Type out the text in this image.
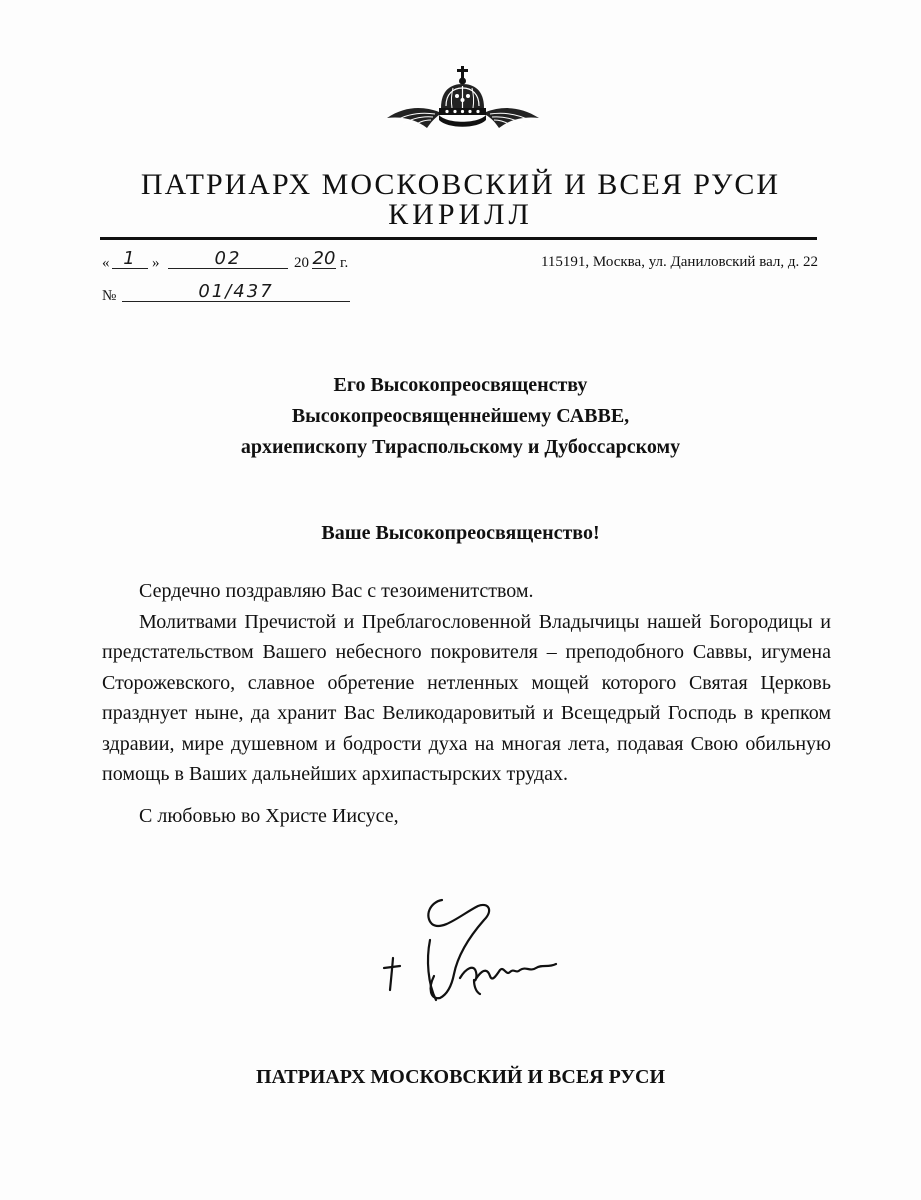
ПАТРИАРХ МОСКОВСКИЙ И ВСЕЯ РУСИ
КИРИЛЛ
« 1	»	02	20 20 г.	115191, Москва, ул. Даниловский вал, д. 22
№	01/437
Его Высокопреосвященству
Высокопреосвященнейшему САВВЕ,
архиепископу Тираспольскому и Дубоссарскому
Ваше Высокопреосвященство!

Сердечно поздравляю Вас с тезоименитством.

Молитвами Пречистой и Преблагословенной Владычицы нашей Богородицы и предстательством Вашего небесного покровителя – преподобного Саввы, игумена Сторожевского, славное обретение нетленных мощей которого Святая Церковь празднует ныне, да хранит Вас Великодаровитый и Всещедрый Господь в крепком здравии, мире душевном и бодрости духа на многая лета, подавая Свою обильную помощь в Ваших дальнейших архипастырских трудах.

С любовью во Христе Иисусе,
ПАТРИАРХ МОСКОВСКИЙ И ВСЕЯ РУСИ
